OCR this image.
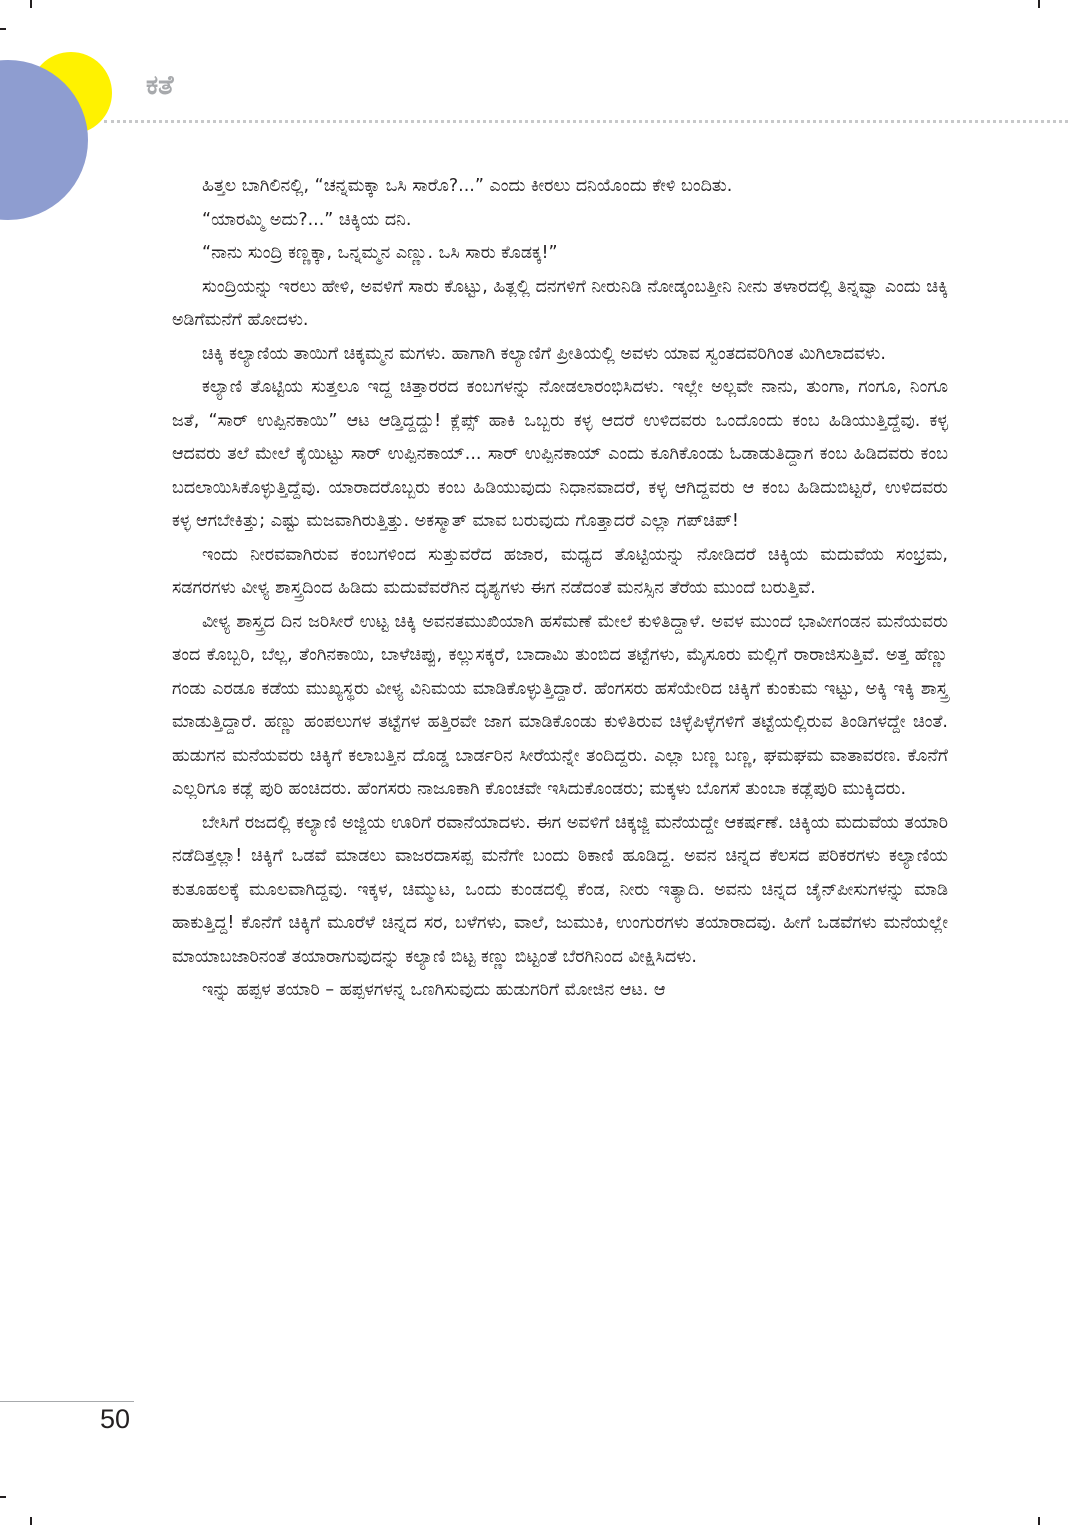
ಕತೆ

ಹಿತ್ತಲ ಬಾಗಿಲಿನಲ್ಲಿ, “ಚನ್ನಮಕ್ಕಾ ಒಸಿ ಸಾರೊ?...” ಎಂದು ಕೀರಲು ದನಿಯೊಂದು ಕೇಳಿ ಬಂದಿತು.

“ಯಾರಮ್ಮಿ ಅದು?...” ಚಿಕ್ಕಿಯ ದನಿ.

“ನಾನು ಸುಂದ್ರಿ ಕಣ್ಣಕ್ಕಾ, ಒನ್ನಮ್ಮನ ಎಣ್ಣು. ಒಸಿ ಸಾರು ಕೊಡಕ್ಕ!”

ಸುಂದ್ರಿಯನ್ನು ಇರಲು ಹೇಳಿ, ಅವಳಿಗೆ ಸಾರು ಕೊಟ್ಟು, ಹಿತ್ಲಲ್ಲಿ ದನಗಳಿಗೆ ನೀರುನಿಡಿ ನೋಡ್ಕಂಬತ್ತೀನಿ ನೀನು ತಳಾರದಲ್ಲಿ ತಿನ್ನವ್ವಾ ಎಂದು ಚಿಕ್ಕಿ ಅಡಿಗೆಮನೆಗೆ ಹೋದಳು.

ಚಿಕ್ಕಿ ಕಲ್ಯಾಣಿಯ ತಾಯಿಗೆ ಚಿಕ್ಕಮ್ಮನ ಮಗಳು. ಹಾಗಾಗಿ ಕಲ್ಯಾಣಿಗೆ ಪ್ರೀತಿಯಲ್ಲಿ ಅವಳು ಯಾವ ಸ್ವಂತದವರಿಗಿಂತ ಮಿಗಿಲಾದವಳು.

ಕಲ್ಯಾಣಿ ತೊಟ್ಟಿಯ ಸುತ್ತಲೂ ಇದ್ದ ಚಿತ್ತಾರರದ ಕಂಬಗಳನ್ನು ನೋಡಲಾರಂಭಿಸಿದಳು. ಇಲ್ಲೇ ಅಲ್ಲವೇ ನಾನು, ತುಂಗಾ, ಗಂಗೂ, ನಿಂಗೂ ಜತೆ, “ಸಾರ್ ಉಪ್ಪಿನಕಾಯಿ” ಆಟ ಆಡ್ತಿದ್ದದ್ದು! ಕ್ಲೆಪ್ಸ್ ಹಾಕಿ ಒಬ್ಬರು ಕಳ್ಳ ಆದರೆ ಉಳಿದವರು ಒಂದೊಂದು ಕಂಬ ಹಿಡಿಯುತ್ತಿದ್ದೆವು. ಕಳ್ಳ ಆದವರು ತಲೆ ಮೇಲೆ ಕೈಯಿಟ್ಟು ಸಾರ್ ಉಪ್ಪಿನಕಾಯ್... ಸಾರ್ ಉಪ್ಪಿನಕಾಯ್ ಎಂದು ಕೂಗಿಕೊಂಡು ಓಡಾಡುತಿದ್ದಾಗ ಕಂಬ ಹಿಡಿದವರು ಕಂಬ ಬದಲಾಯಿಸಿಕೊಳ್ಳುತ್ತಿದ್ದೆವು. ಯಾರಾದರೊಬ್ಬರು ಕಂಬ ಹಿಡಿಯುವುದು ನಿಧಾನವಾದರೆ, ಕಳ್ಳ ಆಗಿದ್ದವರು ಆ ಕಂಬ ಹಿಡಿದುಬಿಟ್ಟರೆ, ಉಳಿದವರು ಕಳ್ಳ ಆಗಬೇಕಿತ್ತು; ಎಷ್ಟು ಮಜವಾಗಿರುತ್ತಿತ್ತು. ಅಕಸ್ಮಾತ್ ಮಾವ ಬರುವುದು ಗೊತ್ತಾದರೆ ಎಲ್ಲಾ ಗಪ್‌ಚಿಪ್!

ಇಂದು ನೀರವವಾಗಿರುವ ಕಂಬಗಳಿಂದ ಸುತ್ತುವರೆದ ಹಜಾರ, ಮಧ್ಯದ ತೊಟ್ಟಿಯನ್ನು ನೋಡಿದರೆ ಚಿಕ್ಕಿಯ ಮದುವೆಯ ಸಂಭ್ರಮ, ಸಡಗರಗಳು ವೀಳ್ಯ ಶಾಸ್ತ್ರದಿಂದ ಹಿಡಿದು ಮದುವೆವರೆಗಿನ ದೃಶ್ಯಗಳು ಈಗ ನಡೆದಂತೆ ಮನಸ್ಸಿನ ತೆರೆಯ ಮುಂದೆ ಬರುತ್ತಿವೆ.

ವೀಳ್ಯ ಶಾಸ್ತ್ರದ ದಿನ ಜರಿಸೀರೆ ಉಟ್ಟ ಚಿಕ್ಕಿ ಅವನತಮುಖಿಯಾಗಿ ಹಸೆಮಣೆ ಮೇಲೆ ಕುಳಿತಿದ್ದಾಳೆ. ಅವಳ ಮುಂದೆ ಭಾವೀಗಂಡನ ಮನೆಯವರು ತಂದ ಕೊಬ್ಬರಿ, ಬೆಲ್ಲ, ತೆಂಗಿನಕಾಯಿ, ಬಾಳೆಚಿಪ್ಪು, ಕಲ್ಲುಸಕ್ಕರೆ, ಬಾದಾಮಿ ತುಂಬಿದ ತಟ್ಟೆಗಳು, ಮೈಸೂರು ಮಲ್ಲಿಗೆ ರಾರಾಜಿಸುತ್ತಿವೆ. ಅತ್ತ ಹೆಣ್ಣು ಗಂಡು ಎರಡೂ ಕಡೆಯ ಮುಖ್ಯಸ್ಥರು ವೀಳ್ಯ ವಿನಿಮಯ ಮಾಡಿಕೊಳ್ಳುತ್ತಿದ್ದಾರೆ. ಹೆಂಗಸರು ಹಸೆಯೇರಿದ ಚಿಕ್ಕಿಗೆ ಕುಂಕುಮ ಇಟ್ಟು, ಅಕ್ಕಿ ಇಕ್ಕಿ ಶಾಸ್ತ್ರ ಮಾಡುತ್ತಿದ್ದಾರೆ. ಹಣ್ಣು ಹಂಪಲುಗಳ ತಟ್ಟೆಗಳ ಹತ್ತಿರವೇ ಜಾಗ ಮಾಡಿಕೊಂಡು ಕುಳಿತಿರುವ ಚಿಳ್ಳೆಪಿಳ್ಳೆಗಳಿಗೆ ತಟ್ಟೆಯಲ್ಲಿರುವ ತಿಂಡಿಗಳದ್ದೇ ಚಿಂತೆ. ಹುಡುಗನ ಮನೆಯವರು ಚಿಕ್ಕಿಗೆ ಕಲಾಬತ್ತಿನ ದೊಡ್ಡ ಬಾರ್ಡರಿನ ಸೀರೆಯನ್ನೇ ತಂದಿದ್ದರು. ಎಲ್ಲಾ ಬಣ್ಣ ಬಣ್ಣ, ಘಮಘಮ ವಾತಾವರಣ. ಕೊನೆಗೆ ಎಲ್ಲರಿಗೂ ಕಡ್ಲೆ ಪುರಿ ಹಂಚಿದರು. ಹೆಂಗಸರು ನಾಜೂಕಾಗಿ ಕೊಂಚವೇ ಇಸಿದುಕೊಂಡರು; ಮಕ್ಕಳು ಬೊಗಸೆ ತುಂಬಾ ಕಡ್ಲೆಪುರಿ ಮುಕ್ಕಿದರು.

ಬೇಸಿಗೆ ರಜದಲ್ಲಿ ಕಲ್ಯಾಣಿ ಅಜ್ಜಿಯ ಊರಿಗೆ ರವಾನೆಯಾದಳು. ಈಗ ಅವಳಿಗೆ ಚಿಕ್ಕಜ್ಜಿ ಮನೆಯದ್ದೇ ಆಕರ್ಷಣೆ. ಚಿಕ್ಕಿಯ ಮದುವೆಯ ತಯಾರಿ ನಡೆದಿತ್ತಲ್ಲಾ! ಚಿಕ್ಕಿಗೆ ಒಡವೆ ಮಾಡಲು ವಾಜರದಾಸಪ್ಪ ಮನೆಗೇ ಬಂದು ಠಿಕಾಣಿ ಹೂಡಿದ್ದ. ಅವನ ಚಿನ್ನದ ಕೆಲಸದ ಪರಿಕರಗಳು ಕಲ್ಯಾಣಿಯ ಕುತೂಹಲಕ್ಕೆ ಮೂಲವಾಗಿದ್ದವು. ಇಕ್ಕಳ, ಚಿಮ್ಮುಟ, ಒಂದು ಕುಂಡದಲ್ಲಿ ಕೆಂಡ, ನೀರು ಇತ್ಯಾದಿ. ಅವನು ಚಿನ್ನದ ಚೈನ್‌ಪೀಸುಗಳನ್ನು ಮಾಡಿ ಹಾಕುತ್ತಿದ್ದ! ಕೊನೆಗೆ ಚಿಕ್ಕಿಗೆ ಮೂರೆಳೆ ಚಿನ್ನದ ಸರ, ಬಳೆಗಳು, ವಾಲೆ, ಜುಮುಕಿ, ಉಂಗುರಗಳು ತಯಾರಾದವು. ಹೀಗೆ ಒಡವೆಗಳು ಮನೆಯಲ್ಲೇ ಮಾಯಾಬಜಾರಿನಂತೆ ತಯಾರಾಗುವುದನ್ನು ಕಲ್ಯಾಣಿ ಬಿಟ್ಟ ಕಣ್ಣು ಬಿಟ್ಟಂತೆ ಬೆರಗಿನಿಂದ ವೀಕ್ಷಿಸಿದಳು.

ಇನ್ನು ಹಪ್ಪಳ ತಯಾರಿ – ಹಪ್ಪಳಗಳನ್ನ ಒಣಗಿಸುವುದು ಹುಡುಗರಿಗೆ ಮೋಜಿನ ಆಟ. ಆ

50
